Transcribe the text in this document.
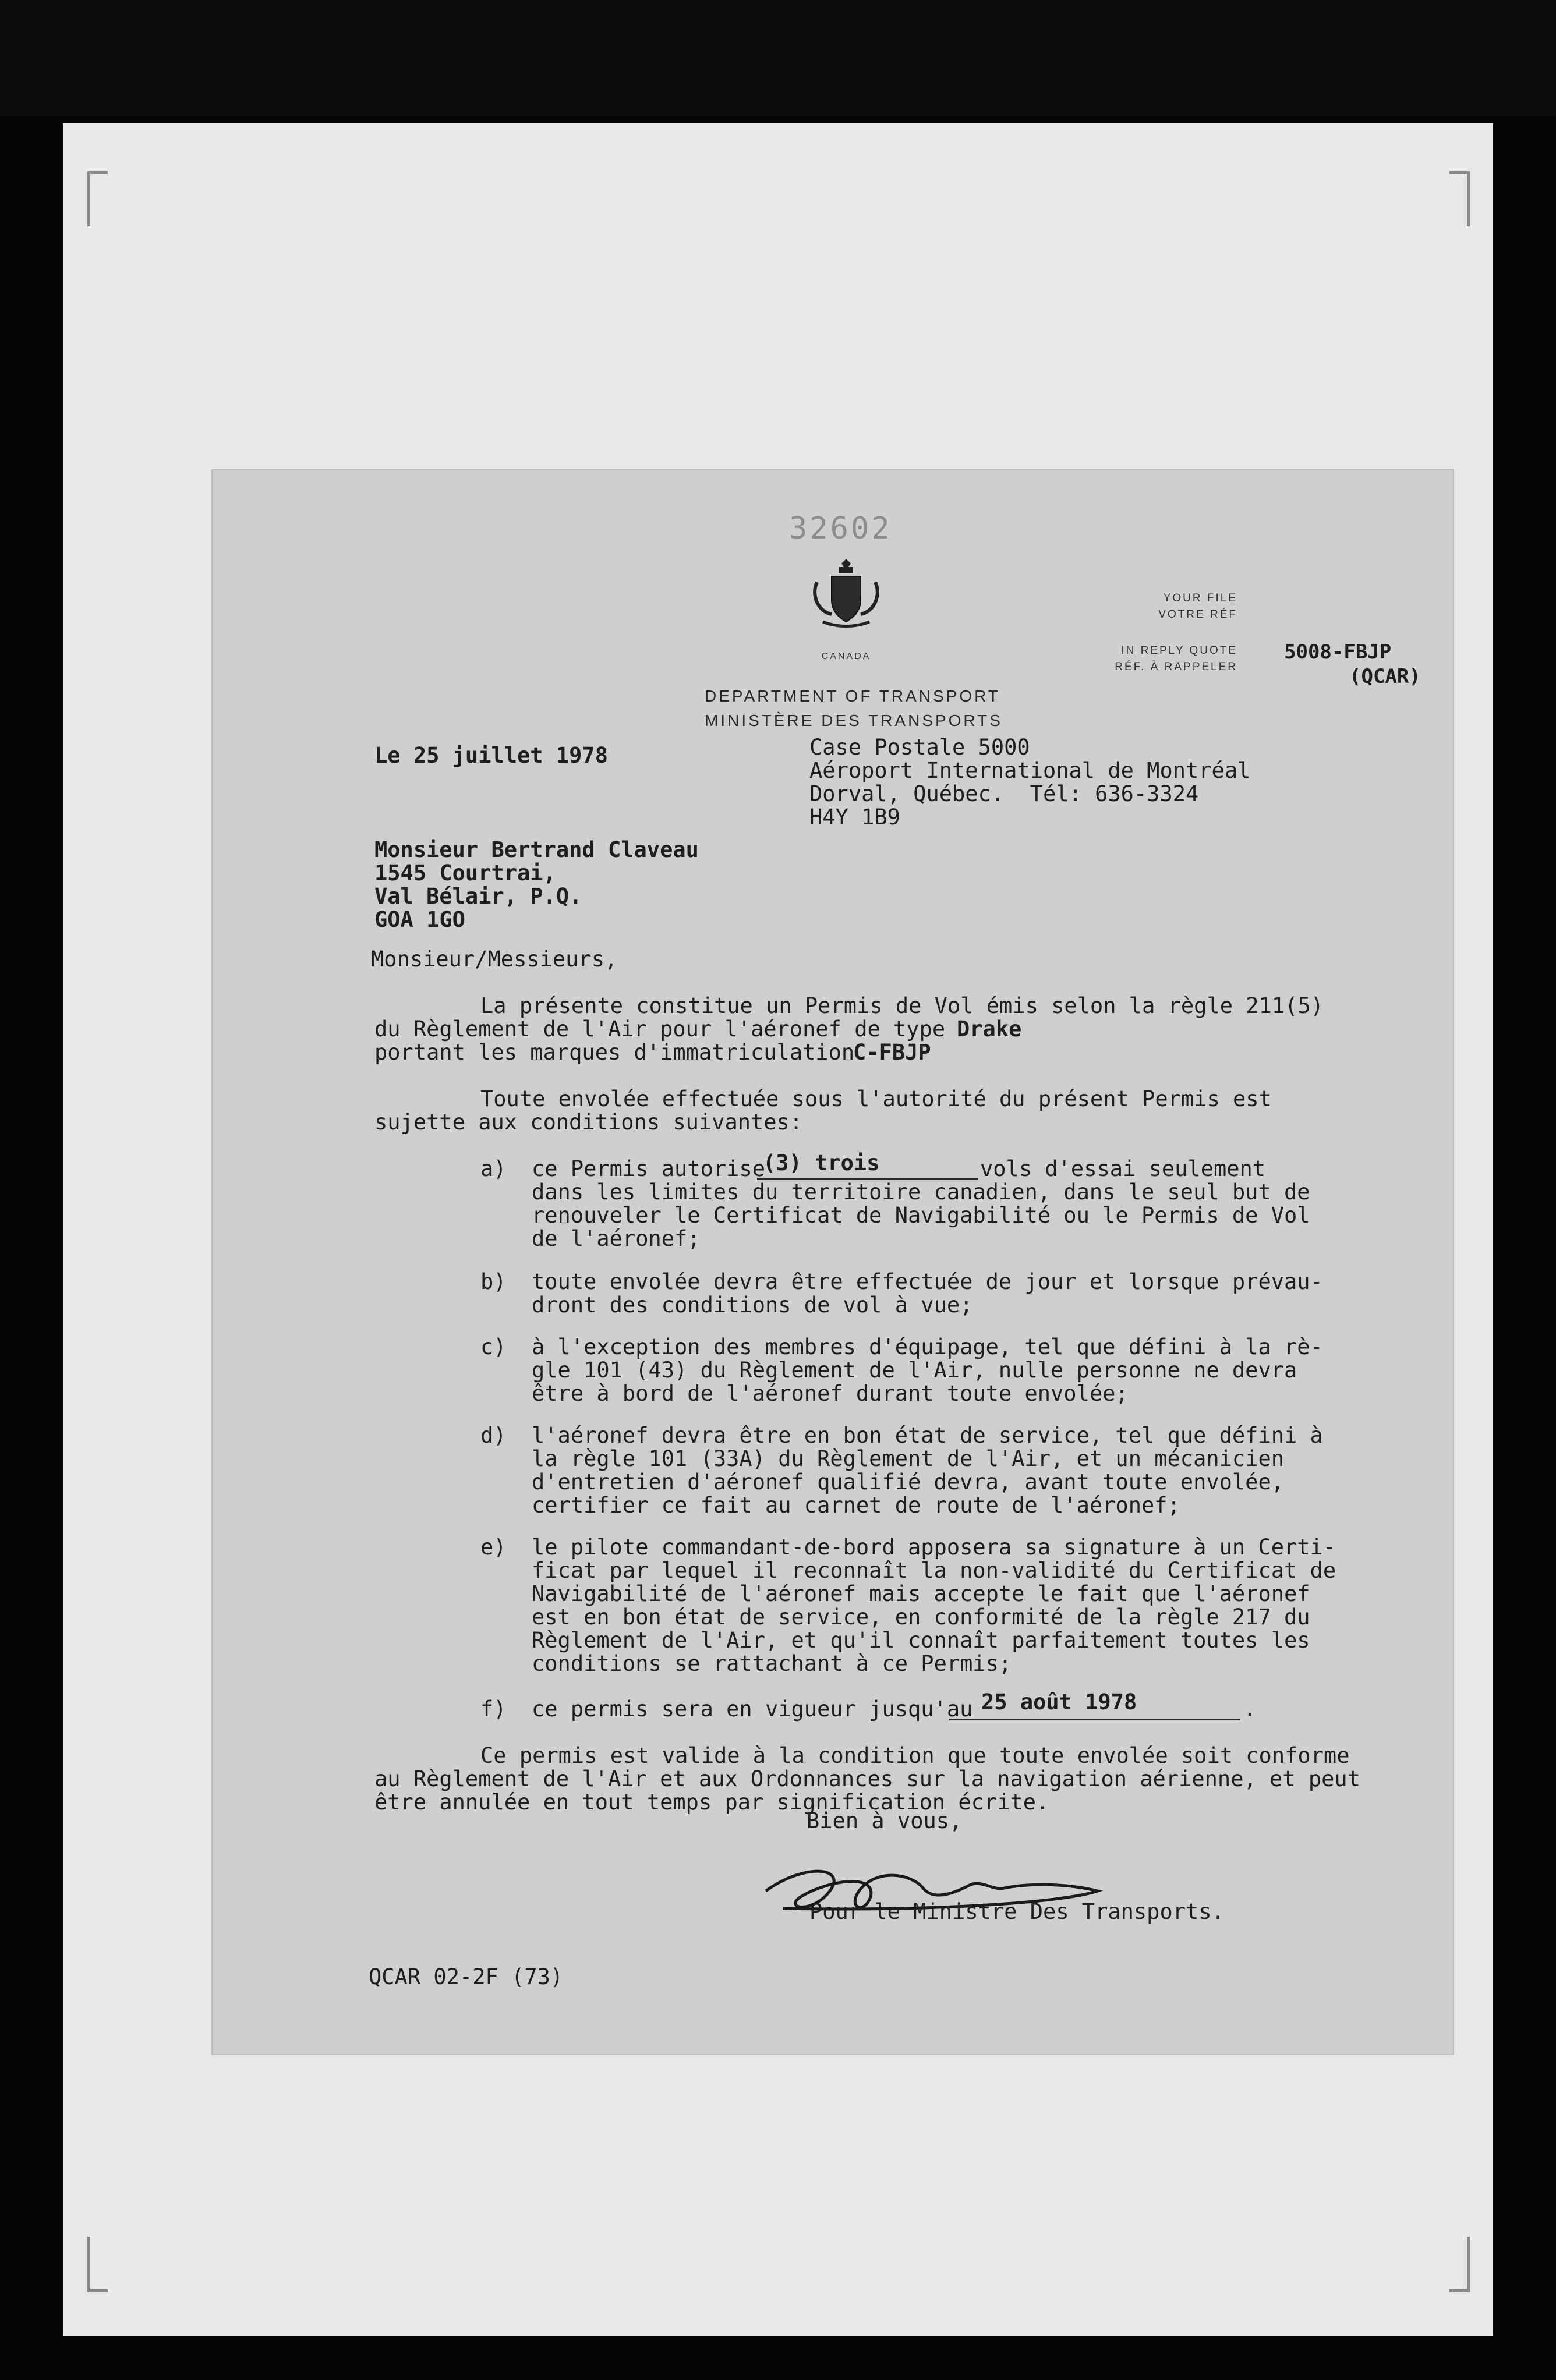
32602
CANADA
DEPARTMENT OF TRANSPORT
MINISTÈRE DES TRANSPORTS
YOUR FILE
VOTRE RÉF
IN REPLY QUOTE
RÉF. À RAPPELER
5008-FBJP
(QCAR)
Le 25 juillet 1978	Case Postale 5000
Aéroport International de Montréal
Dorval, Québec.  Tél: 636-3324
H4Y 1B9
Monsieur Bertrand Claveau
1545 Courtrai,
Val Bélair, P.Q.
GOA 1GO
Monsieur/Messieurs,
La présente constitue un Permis de Vol émis selon la règle 211(5)
du Règlement de l'Air pour l'aéronef de type Drake
portant les marques d'immatriculation
C-FBJP
Toute envolée effectuée sous l'autorité du présent Permis est
sujette aux conditions suivantes:
a) ce Permis autorise
(3) trois	vols d'essai seulement
dans les limites du territoire canadien, dans le seul but de
renouveler le Certificat de Navigabilité ou le Permis de Vol
de l'aéronef;
b) toute envolée devra être effectuée de jour et lorsque prévau-
dront des conditions de vol à vue;
c) à l'exception des membres d'équipage, tel que défini à la rè-
gle 101 (43) du Règlement de l'Air, nulle personne ne devra
être à bord de l'aéronef durant toute envolée;
d) l'aéronef devra être en bon état de service, tel que défini à
la règle 101 (33A) du Règlement de l'Air, et un mécanicien
d'entretien d'aéronef qualifié devra, avant toute envolée,
certifier ce fait au carnet de route de l'aéronef;
e) le pilote commandant-de-bord apposera sa signature à un Certi-
ficat par lequel il reconnaît la non-validité du Certificat de
Navigabilité de l'aéronef mais accepte le fait que l'aéronef
est en bon état de service, en conformité de la règle 217 du
Règlement de l'Air, et qu'il connaît parfaitement toutes les
conditions se rattachant à ce Permis;
f) ce permis sera en vigueur jusqu'au 25 août 1978	.
Ce permis est valide à la condition que toute envolée soit conforme
au Règlement de l'Air et aux Ordonnances sur la navigation aérienne, et peut
être annulée en tout temps par signification écrite.
Bien à vous,
Pour le Ministre Des Transports.
QCAR 02-2F (73)
